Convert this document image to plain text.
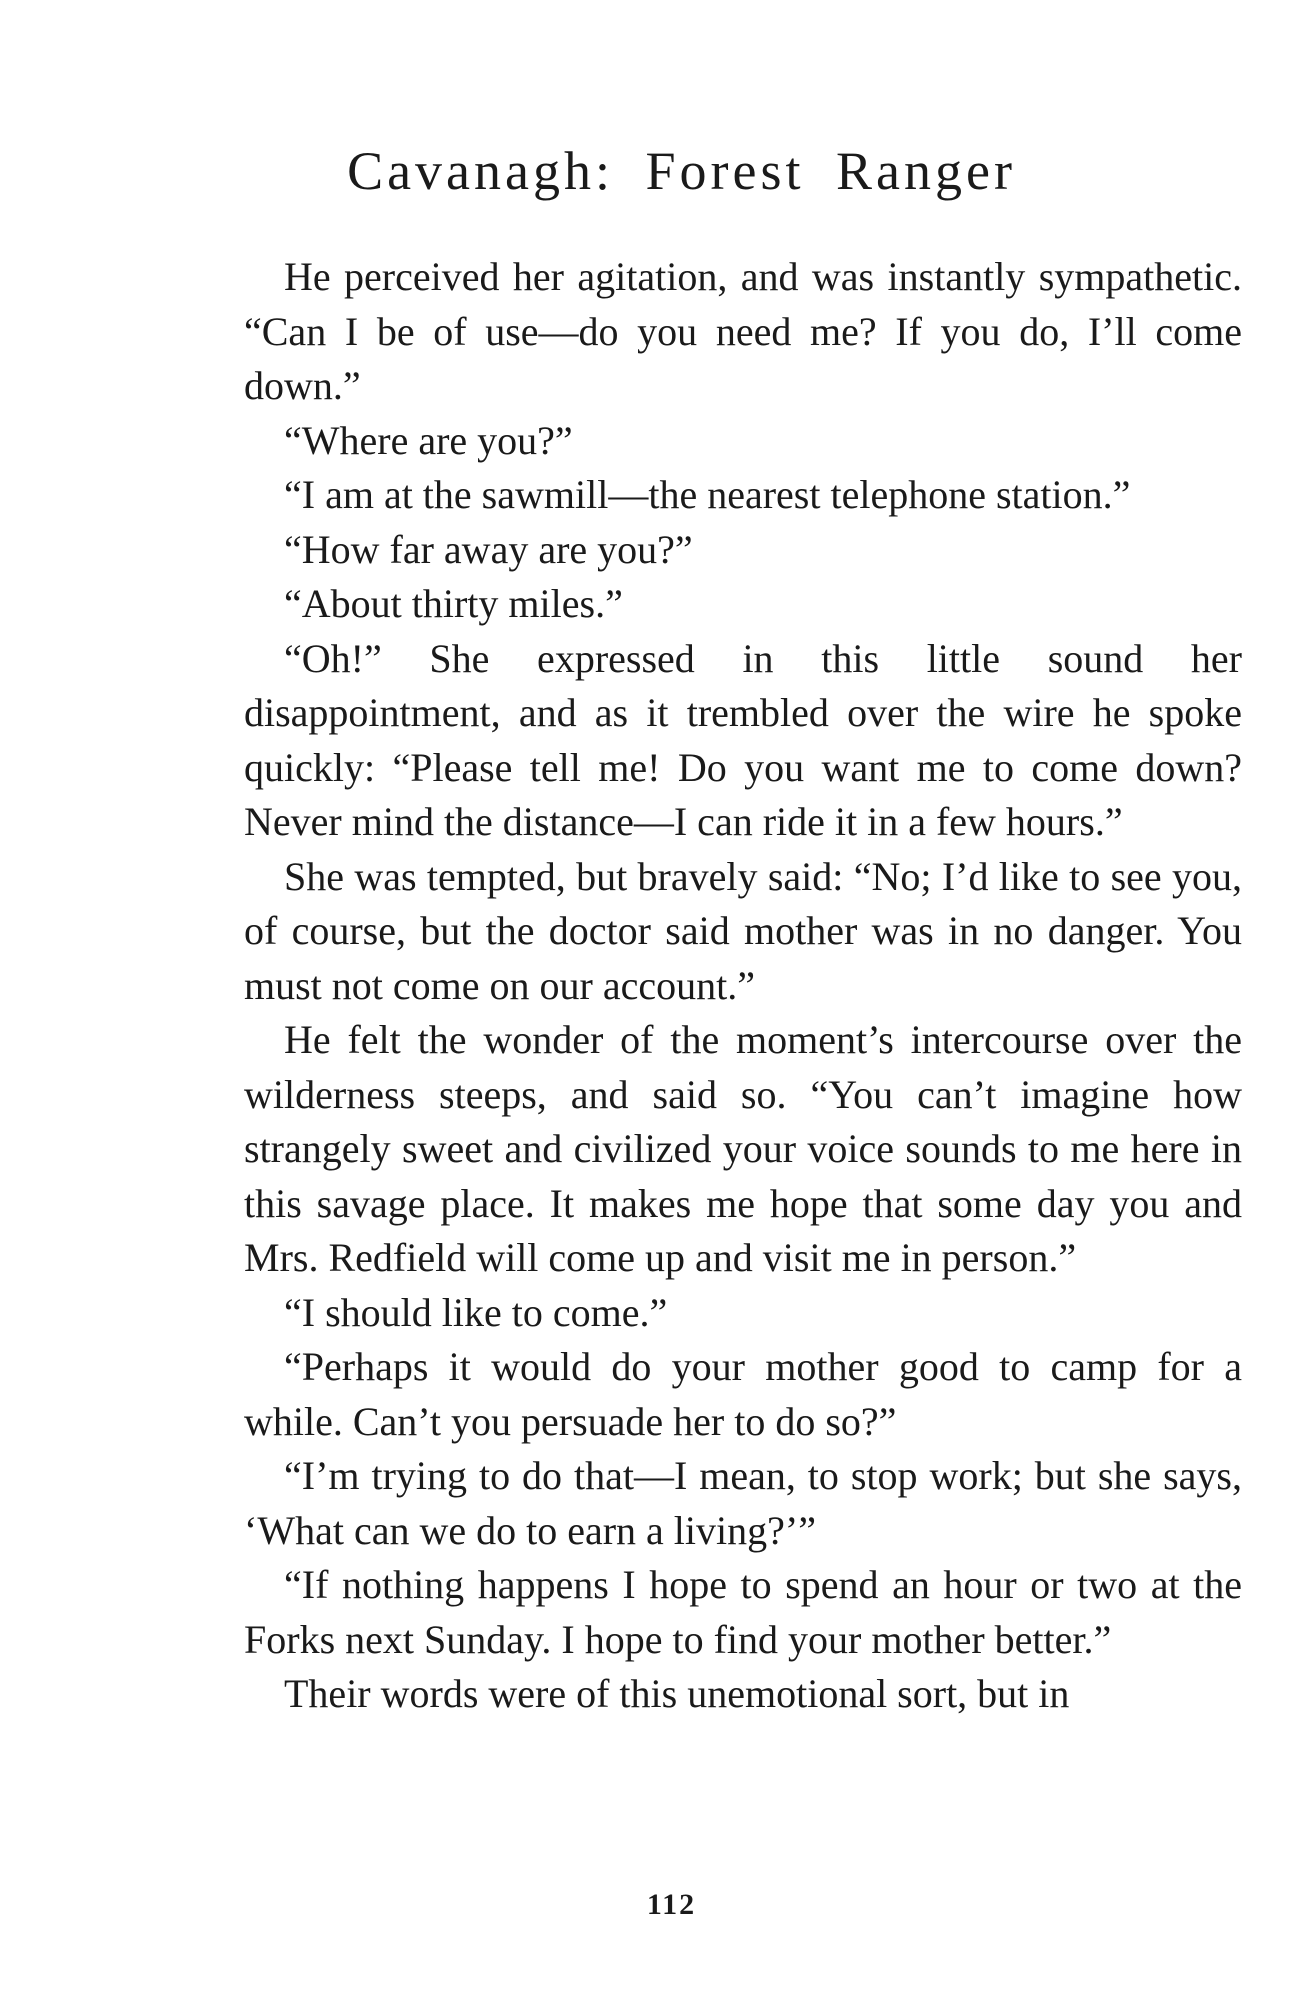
Cavanagh: Forest Ranger

He perceived her agitation, and was instantly sympathetic. “Can I be of use—do you need me? If you do, I’ll come down.”

“Where are you?”

“I am at the sawmill—the nearest telephone station.”

“How far away are you?”

“About thirty miles.”

“Oh!” She expressed in this little sound her disappointment, and as it trembled over the wire he spoke quickly: “Please tell me! Do you want me to come down? Never mind the distance—I can ride it in a few hours.”

She was tempted, but bravely said: “No; I’d like to see you, of course, but the doctor said mother was in no danger. You must not come on our account.”

He felt the wonder of the moment’s intercourse over the wilderness steeps, and said so. “You can’t imagine how strangely sweet and civilized your voice sounds to me here in this savage place. It makes me hope that some day you and Mrs. Redfield will come up and visit me in person.”

“I should like to come.”

“Perhaps it would do your mother good to camp for a while. Can’t you persuade her to do so?”

“I’m trying to do that—I mean, to stop work; but she says, ‘What can we do to earn a living?’”

“If nothing happens I hope to spend an hour or two at the Forks next Sunday. I hope to find your mother better.”

Their words were of this unemotional sort, but in

112
